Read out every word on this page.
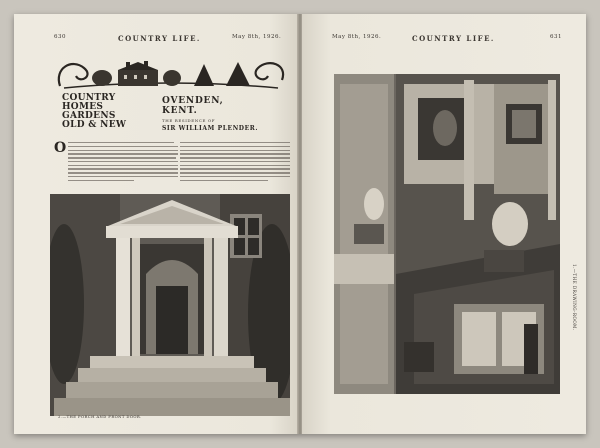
630	COUNTRY LIFE.	May 8th, 1926.
COUNTRY
HOMES
GARDENS
OLD & NEW
OVENDEN,
KENT.
THE RESIDENCE OF
SIR WILLIAM PLENDER.
O
2.—THE PORCH AND FRONT DOOR.
May 8th, 1926.	COUNTRY LIFE.	631
1.—THE DRAWING-ROOM.
